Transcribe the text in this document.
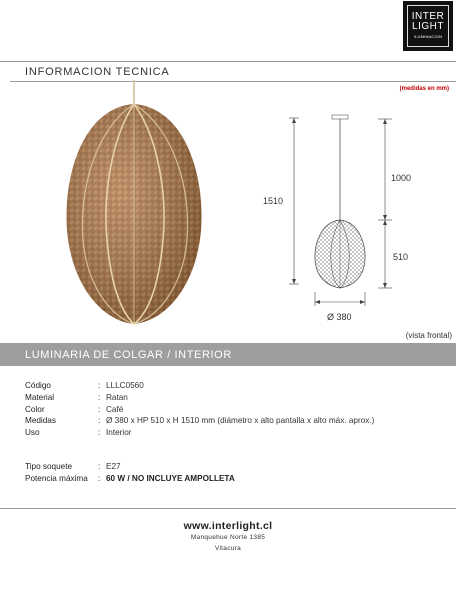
INTER
LIGHT
ILUMINACION
INFORMACION TECNICA
(medidas en mm)
1510
1000
510
Ø 380
(vista frontal)
LUMINARIA DE COLGAR / INTERIOR
Código	: LLLC0560
Material	: Ratan
Color	: Café
Medidas	: Ø 380 x HP 510 x H 1510 mm (diámetro x alto pantalla x alto máx. aprox.)
Uso	: Interior
Tipo soquete	: E27
Potencia máxima	: 60 W / NO INCLUYE AMPOLLETA
www.interlight.cl
Manquehue Norte 1385
Vitacura
